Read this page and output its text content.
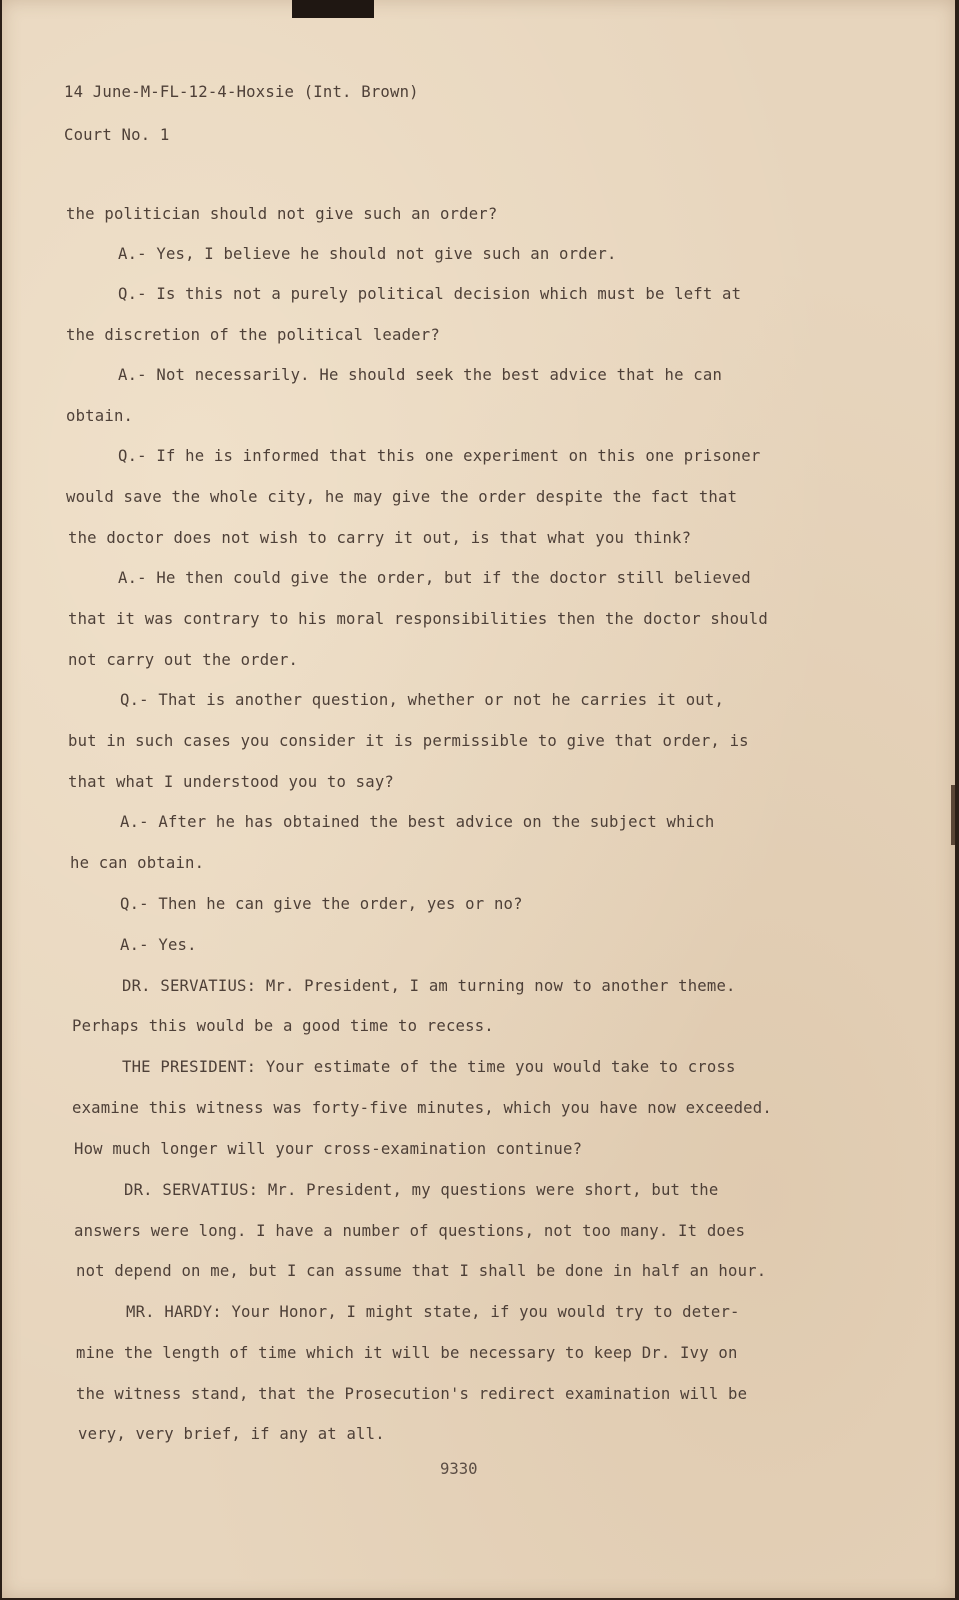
14 June-M-FL-12-4-Hoxsie (Int. Brown)

Court No. 1

the politician should not give such an order?

A.- Yes, I believe he should not give such an order.

Q.- Is this not a purely political decision which must be left at

the discretion of the political leader?

A.- Not necessarily. He should seek the best advice that he can

obtain.

Q.- If he is informed that this one experiment on this one prisoner

would save the whole city, he may give the order despite the fact that

the doctor does not wish to carry it out, is that what you think?

A.- He then could give the order, but if the doctor still believed

that it was contrary to his moral responsibilities then the doctor should

not carry out the order.

Q.- That is another question, whether or not he carries it out,

but in such cases you consider it is permissible to give that order, is

that what I understood you to say?

A.- After he has obtained the best advice on the subject which

he can obtain.

Q.- Then he can give the order, yes or no?

A.- Yes.

DR. SERVATIUS: Mr. President, I am turning now to another theme.

Perhaps this would be a good time to recess.

THE PRESIDENT: Your estimate of the time you would take to cross

examine this witness was forty-five minutes, which you have now exceeded.

How much longer will your cross-examination continue?

DR. SERVATIUS: Mr. President, my questions were short, but the

answers were long. I have a number of questions, not too many. It does

not depend on me, but I can assume that I shall be done in half an hour.

MR. HARDY: Your Honor, I might state, if you would try to deter-

mine the length of time which it will be necessary to keep Dr. Ivy on

the witness stand, that the Prosecution's redirect examination will be

very, very brief, if any at all.

9330
